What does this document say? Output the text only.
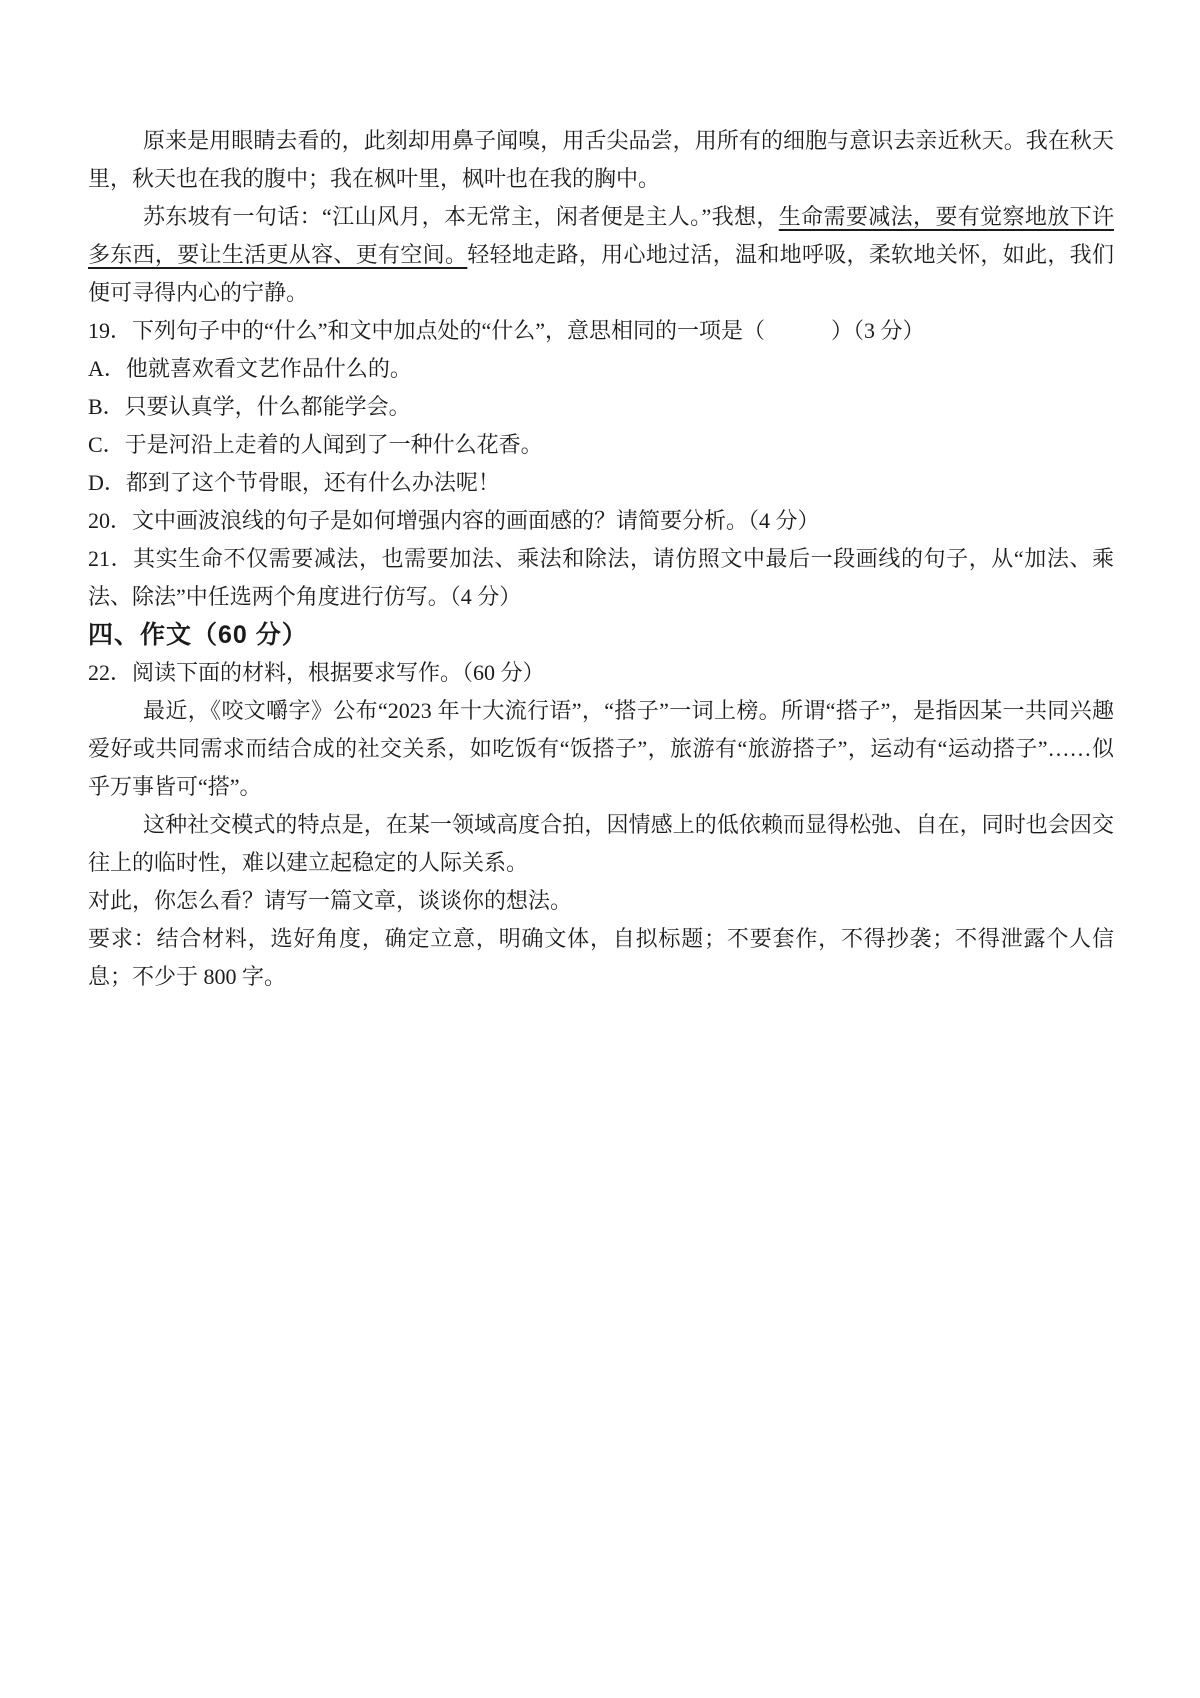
原来是用眼睛去看的，此刻却用鼻子闻嗅，用舌尖品尝，用所有的细胞与意识去亲近秋天。我在秋天里，秋天也在我的腹中；我在枫叶里，枫叶也在我的胸中。

苏东坡有一句话：“江山风月，本无常主，闲者便是主人。”我想，生命需要减法，要有觉察地放下许多东西，要让生活更从容、更有空间。轻轻地走路，用心地过活，温和地呼吸，柔软地关怀，如此，我们便可寻得内心的宁静。

19．下列句子中的“什么”和文中加点处的“什么”，意思相同的一项是（　　　）（3 分）

A．他就喜欢看文艺作品什么的。

B．只要认真学，什么都能学会。

C．于是河沿上走着的人闻到了一种什么花香。

D．都到了这个节骨眼，还有什么办法呢！

20．文中画波浪线的句子是如何增强内容的画面感的？请简要分析。（4 分）

21．其实生命不仅需要减法，也需要加法、乘法和除法，请仿照文中最后一段画线的句子，从“加法、乘法、除法”中任选两个角度进行仿写。（4 分）

四、作文（60 分）

22．阅读下面的材料，根据要求写作。（60 分）

最近，《咬文嚼字》公布“2023 年十大流行语”，“搭子”一词上榜。所谓“搭子”，是指因某一共同兴趣爱好或共同需求而结合成的社交关系，如吃饭有“饭搭子”，旅游有“旅游搭子”，运动有“运动搭子”……似乎万事皆可“搭”。

这种社交模式的特点是，在某一领域高度合拍，因情感上的低依赖而显得松弛、自在，同时也会因交往上的临时性，难以建立起稳定的人际关系。

对此，你怎么看？请写一篇文章，谈谈你的想法。

要求：结合材料，选好角度，确定立意，明确文体，自拟标题；不要套作，不得抄袭；不得泄露个人信息；不少于 800 字。
